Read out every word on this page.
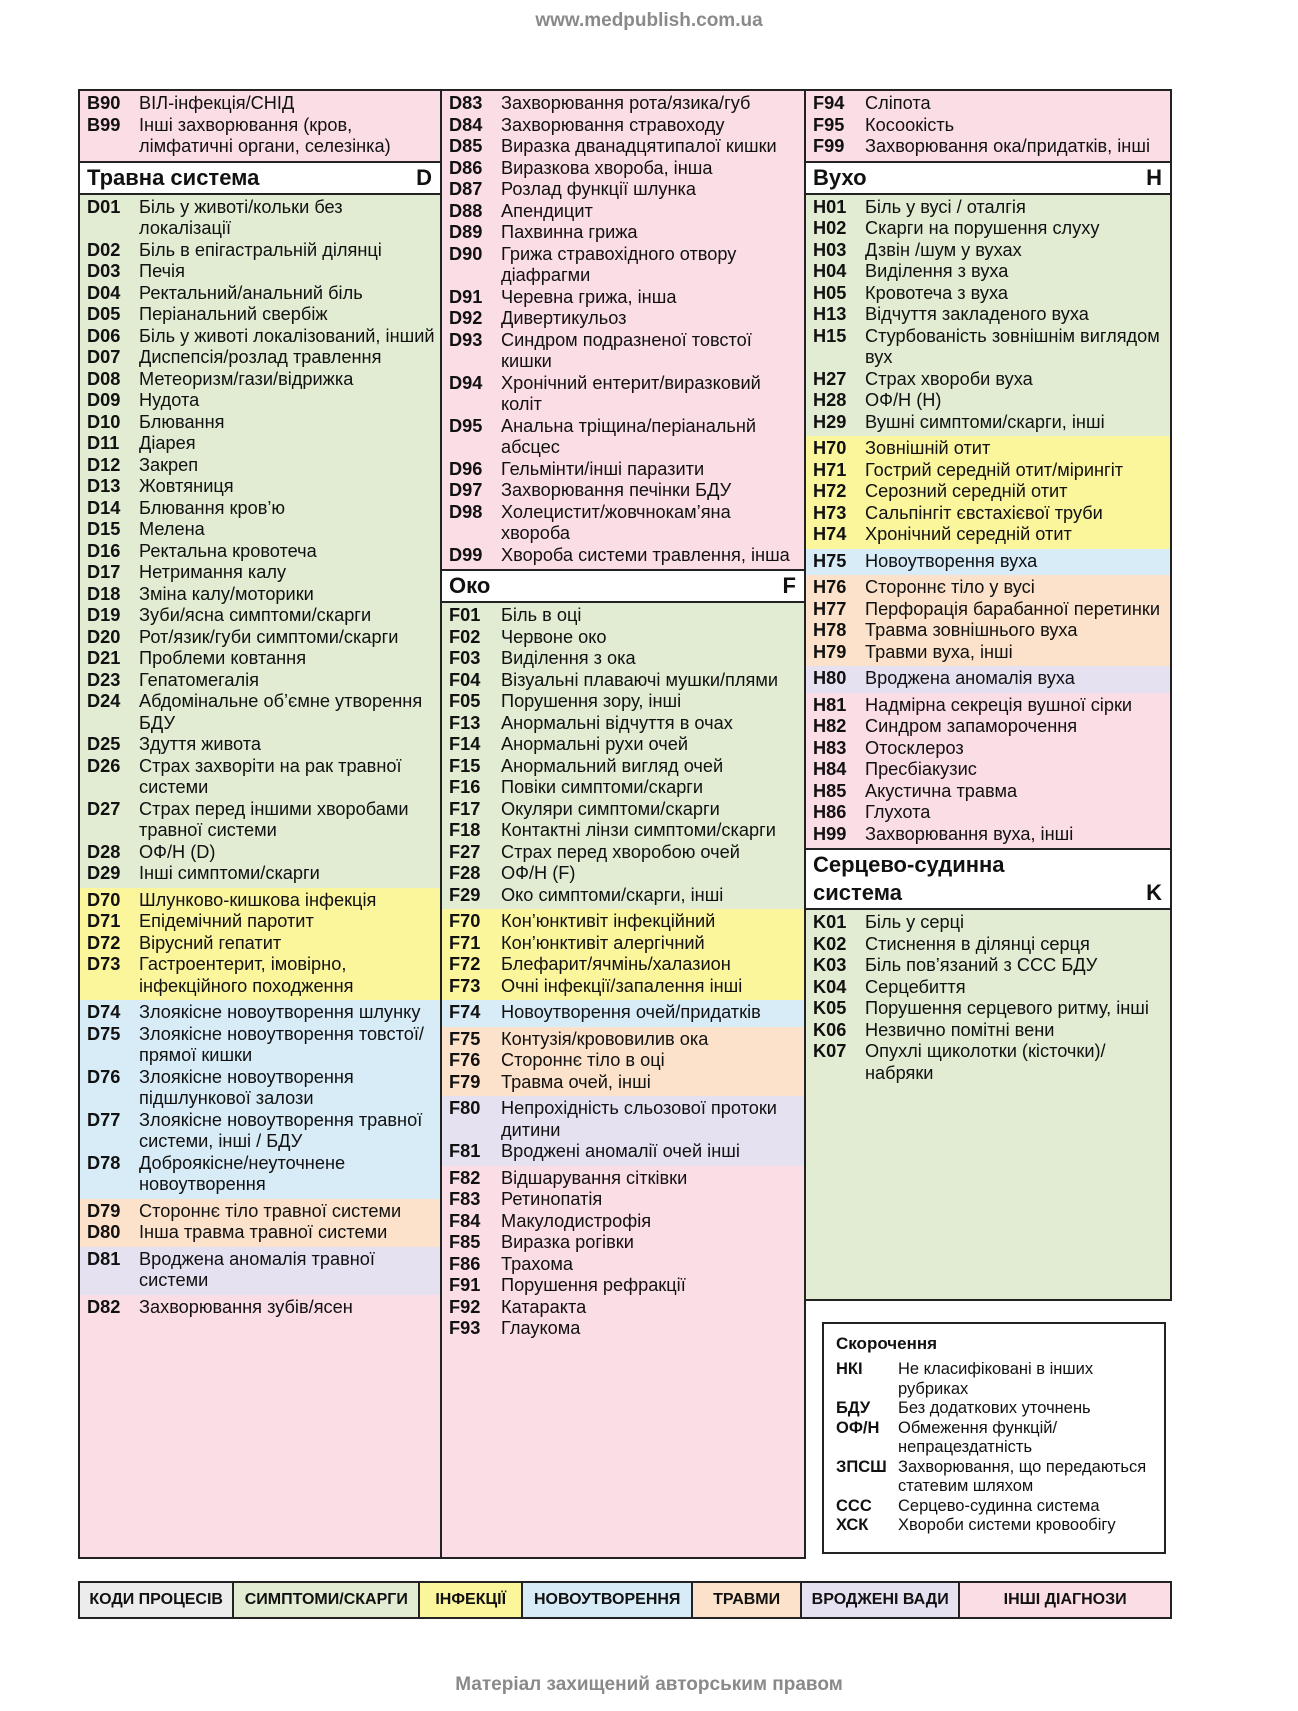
www.medpublish.com.ua
B90	ВІЛ-інфекція/СНІД
B99	Інші захворювання (кров, лімфатичні органи, селезінка)
Травна система	D
D01	Біль у животі/кольки без локалізації
D02	Біль в епігастральній ділянці
D03	Печія
D04	Ректальний/анальний біль
D05	Періанальний свербіж
D06	Біль у животі локалізований, інший
D07	Диспепсія/розлад травлення
D08	Метеоризм/гази/відрижка
D09	Нудота
D10	Блювання
D11	Діарея
D12	Закреп
D13	Жовтяниця
D14	Блювання кров’ю
D15	Мелена
D16	Ректальна кровотеча
D17	Нетримання калу
D18	Зміна калу/моторики
D19	Зуби/ясна симптоми/скарги
D20	Рот/язик/губи симптоми/скарги
D21	Проблеми ковтання
D23	Гепатомегалія
D24	Абдомінальне об’ємне утворення БДУ
D25	Здуття живота
D26	Страх захворіти на рак травної системи
D27	Страх перед іншими хворобами травної системи
D28	ОФ/Н (D)
D29	Інші симптоми/скарги
D70	Шлунково-кишкова інфекція
D71	Епідемічний паротит
D72	Вірусний гепатит
D73	Гастроентерит, імовірно, інфекційного походження
D74	Злоякісне новоутворення шлунку
D75	Злоякісне новоутворення товстої/прямої кишки
D76	Злоякісне новоутворення підшлункової залози
D77	Злоякісне новоутворення травної системи, інші / БДУ
D78	Доброякісне/неуточнене новоутворення
D79	Стороннє тіло травної системи
D80	Інша травма травної системи
D81	Вроджена аномалія травної системи
D82	Захворювання зубів/ясен
D83	Захворювання рота/язика/губ
D84	Захворювання стравоходу
D85	Виразка дванадцятипалої кишки
D86	Виразкова хвороба, інша
D87	Розлад функції шлунка
D88	Апендицит
D89	Пахвинна грижа
D90	Грижа стравохідного отвору діафрагми
D91	Черевна грижа, інша
D92	Дивертикульоз
D93	Синдром подразненої товстої кишки
D94	Хронічний ентерит/виразковий коліт
D95	Анальна тріщина/періанальнй абсцес
D96	Гельмінти/інші паразити
D97	Захворювання печінки БДУ
D98	Холецистит/жовчнокам’яна хвороба
D99	Хвороба системи травлення, інша
Око	F
F01	Біль в оці
F02	Червоне око
F03	Виділення з ока
F04	Візуальні плаваючі мушки/плями
F05	Порушення зору, інші
F13	Анормальні відчуття в очах
F14	Анормальні рухи очей
F15	Анормальний вигляд очей
F16	Повіки симптоми/скарги
F17	Окуляри симптоми/скарги
F18	Контактні лінзи симптоми/скарги
F27	Страх перед хворобою очей
F28	ОФ/Н (F)
F29	Око симптоми/скарги, інші
F70	Кон’юнктивіт інфекційний
F71	Кон’юнктивіт алергічний
F72	Блефарит/ячмінь/халазион
F73	Очні інфекції/запалення інші
F74	Новоутворення очей/придатків
F75	Контузія/крововилив ока
F76	Стороннє тіло в оці
F79	Травма очей, інші
F80	Непрохідність сльозової протоки дитини
F81	Вроджені аномалії очей інші
F82	Відшарування сітківки
F83	Ретинопатія
F84	Макулодистрофія
F85	Виразка рогівки
F86	Трахома
F91	Порушення рефракції
F92	Катаракта
F93	Глаукома
F94	Сліпота
F95	Косоокість
F99	Захворювання ока/придатків, інші
Вухо	H
H01	Біль у вусі / оталгія
H02	Скарги на порушення слуху
H03	Дзвін /шум у вухах
H04	Виділення з вуха
H05	Кровотеча з вуха
H13	Відчуття закладеного вуха
H15	Стурбованість зовнішнім виглядом вух
H27	Страх хвороби вуха
H28	ОФ/Н (H)
H29	Вушні симптоми/скарги, інші
H70	Зовнішній отит
H71	Гострий середній отит/мірингіт
H72	Серозний середній отит
H73	Сальпінгіт євстахієвої труби
H74	Хронічний середній отит
H75	Новоутворення вуха
H76	Стороннє тіло у вусі
H77	Перфорація барабанної перетинки
H78	Травма зовнішнього вуха
H79	Травми вуха, інші
H80	Вроджена аномалія вуха
H81	Надмірна секреція вушної сірки
H82	Синдром запаморочення
H83	Отосклероз
H84	Пресбіакузис
H85	Акустична травма
H86	Глухота
H99	Захворювання вуха, інші
Серцево-судинна
система	K
K01	Біль у серці
K02	Стиснення в ділянці серця
K03	Біль пов’язаний з ССС БДУ
K04	Серцебиття
K05	Порушення серцевого ритму, інші
K06	Незвично помітні вени
K07	Опухлі щиколотки (кісточки)/набряки
Скорочення
НКІ	Не класифіковані в інших рубриках
БДУ	Без додаткових уточнень
ОФ/Н	Обмеження функцій/непрацездатність
ЗПСШ Захворювання, що передаються статевим шляхом
ССС	Серцево-судинна система
ХСК	Хвороби системи кровообігу
КОДИ ПРОЦЕСІВ	СИМПТОМИ/СКАРГИ	ІНФЕКЦІЇ	НОВОУТВОРЕННЯ	ТРАВМИ	ВРОДЖЕНІ ВАДИ	ІНШІ ДІАГНОЗИ
Матеріал захищений авторським правом
